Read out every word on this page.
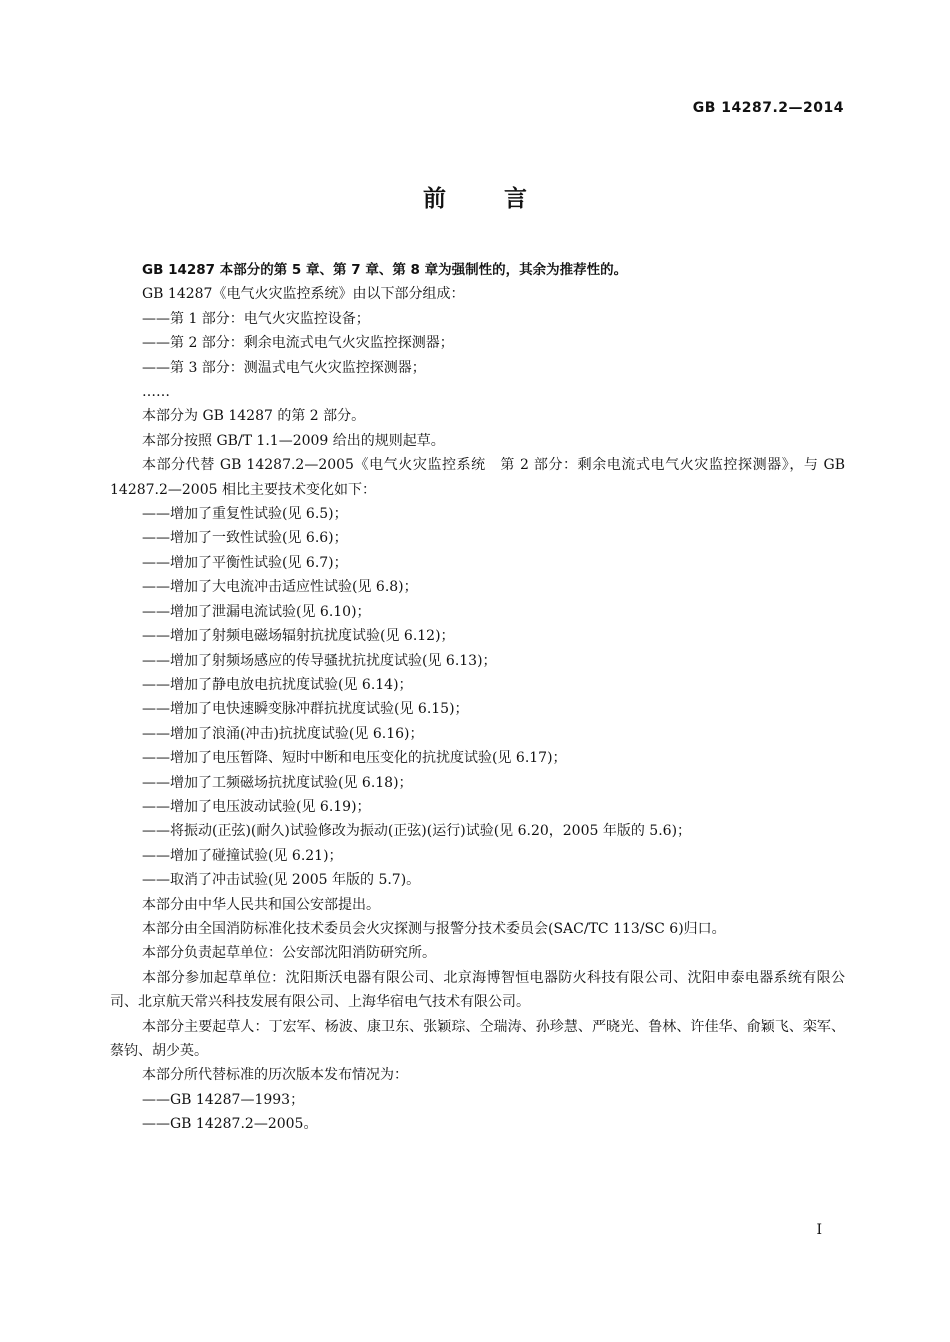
GB 14287.2—2014
前言

GB 14287 本部分的第 5 章、第 7 章、第 8 章为强制性的，其余为推荐性的。

GB 14287《电气火灾监控系统》由以下部分组成：

——第 1 部分：电气火灾监控设备；

——第 2 部分：剩余电流式电气火灾监控探测器；

——第 3 部分：测温式电气火灾监控探测器；

……

本部分为 GB 14287 的第 2 部分。

本部分按照 GB/T 1.1—2009 给出的规则起草。

本部分代替 GB 14287.2—2005《电气火灾监控系统　第 2 部分：剩余电流式电气火灾监控探测器》，与 GB 14287.2—2005 相比主要技术变化如下：

——增加了重复性试验(见 6.5)；

——增加了一致性试验(见 6.6)；

——增加了平衡性试验(见 6.7)；

——增加了大电流冲击适应性试验(见 6.8)；

——增加了泄漏电流试验(见 6.10)；

——增加了射频电磁场辐射抗扰度试验(见 6.12)；

——增加了射频场感应的传导骚扰抗扰度试验(见 6.13)；

——增加了静电放电抗扰度试验(见 6.14)；

——增加了电快速瞬变脉冲群抗扰度试验(见 6.15)；

——增加了浪涌(冲击)抗扰度试验(见 6.16)；

——增加了电压暂降、短时中断和电压变化的抗扰度试验(见 6.17)；

——增加了工频磁场抗扰度试验(见 6.18)；

——增加了电压波动试验(见 6.19)；

——将振动(正弦)(耐久)试验修改为振动(正弦)(运行)试验(见 6.20，2005 年版的 5.6)；

——增加了碰撞试验(见 6.21)；

——取消了冲击试验(见 2005 年版的 5.7)。

本部分由中华人民共和国公安部提出。

本部分由全国消防标准化技术委员会火灾探测与报警分技术委员会(SAC/TC 113/SC 6)归口。

本部分负责起草单位：公安部沈阳消防研究所。

本部分参加起草单位：沈阳斯沃电器有限公司、北京海博智恒电器防火科技有限公司、沈阳申泰电器系统有限公司、北京航天常兴科技发展有限公司、上海华宿电气技术有限公司。

本部分主要起草人：丁宏军、杨波、康卫东、张颖琮、仝瑞涛、孙珍慧、严晓光、鲁林、许佳华、俞颖飞、栾军、蔡钧、胡少英。

本部分所代替标准的历次版本发布情况为：

——GB 14287—1993；

——GB 14287.2—2005。

I
